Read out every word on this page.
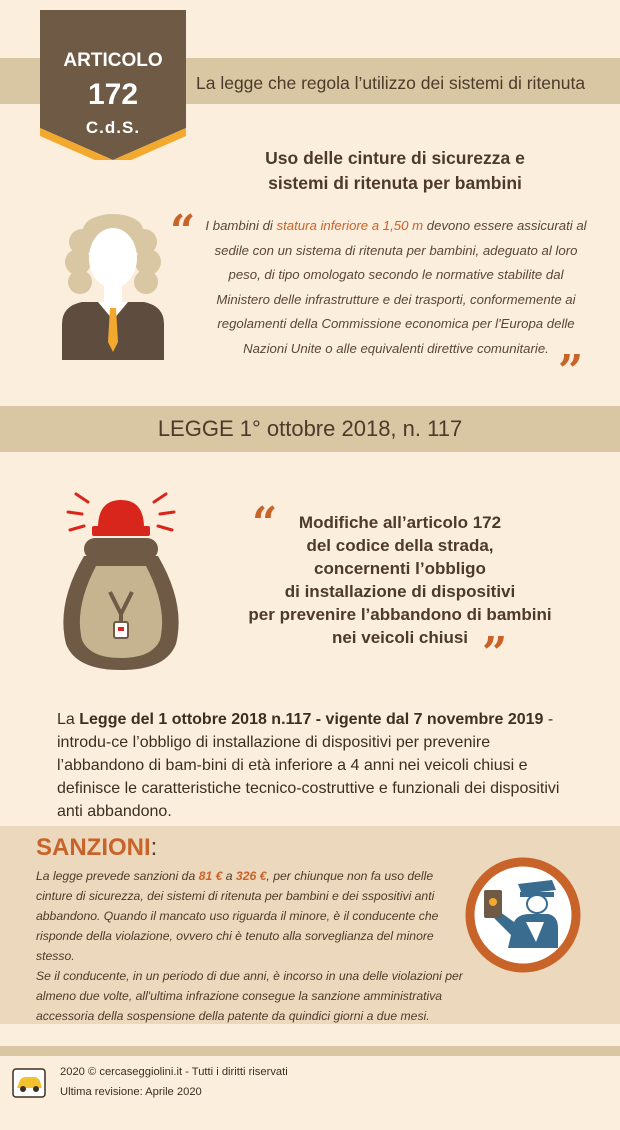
ARTICOLO
172
C.d.S.
La legge che regola l’utilizzo dei sistemi di ritenuta
Uso delle cinture di sicurezza e
sistemi di ritenuta per bambini
“ I bambini di statura inferiore a 1,50 m devono essere assicurati al sedile con un sistema di ritenuta per bambini, adeguato al loro peso, di tipo omologato secondo le normative stabilite dal Ministero delle infrastrutture e dei trasporti, conformemente ai regolamenti della Commissione economica per l'Europa delle Nazioni Unite o alle equivalenti direttive comunitarie. ”
LEGGE 1° ottobre 2018, n. 117
“	Modifiche all’articolo 172
del codice della strada,
concernenti l’obbligo
di installazione di dispositivi
per prevenire l’abbandono di bambini
nei veicoli chiusi ”
La Legge del 1 ottobre 2018 n.117 - vigente dal 7 novembre 2019 -introdu-ce l’obbligo di installazione di dispositivi per prevenire l’abbandono di bam-bini di età inferiore a 4 anni nei veicoli chiusi e definisce le caratteristiche tecnico-costruttive e funzionali dei dispositivi anti abbandono.
SANZIONI:
La legge prevede sanzioni da 81 € a 326 €, per chiunque non fa uso delle cinture di sicurezza, dei sistemi di ritenuta per bambini e dei sspositivi anti abbandono. Quando il mancato uso riguarda il minore, è il conducente che risponde della violazione, ovvero chi è tenuto alla sorveglianza del minore stesso.
Se il conducente, in un periodo di due anni, è incorso in una delle violazioni per almeno due volte, all'ultima infrazione consegue la sanzione amministrativa accessoria della sospensione della patente da quindici giorni a due mesi.
2020 © cercaseggiolini.it - Tutti i diritti riservati
Ultima revisione: Aprile 2020
